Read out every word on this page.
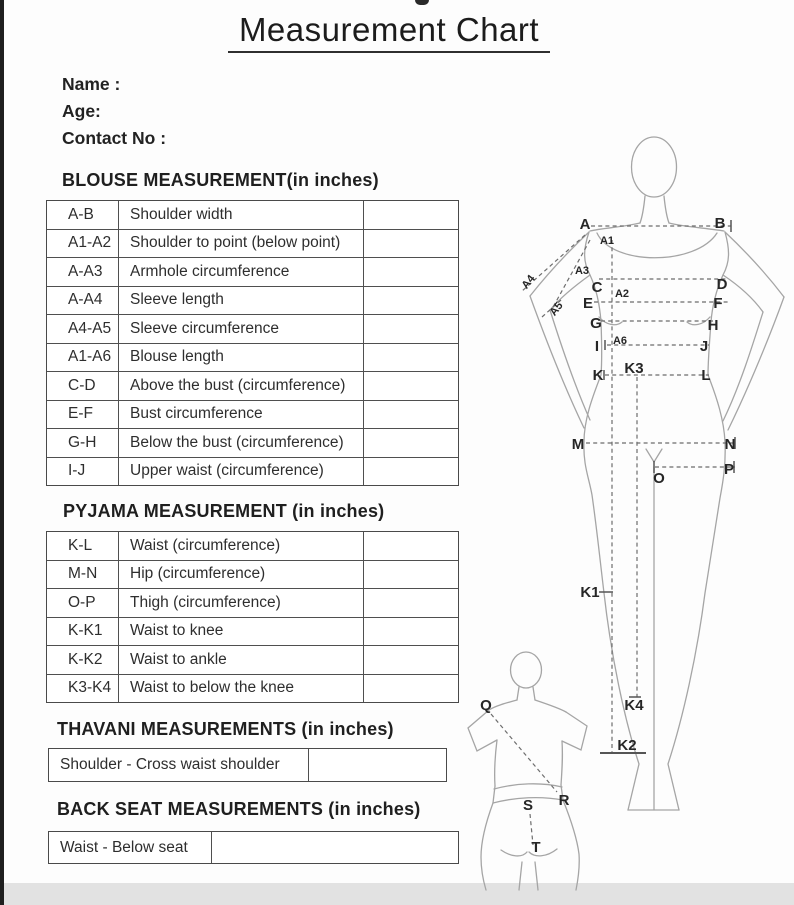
Measurement Chart
Name :
Age:
Contact No :
BLOUSE MEASUREMENT(in inches)
A-B	Shoulder width
A1-A2	Shoulder to point (below point)
A-A3	Armhole circumference
A-A4	Sleeve length
A4-A5	Sleeve circumference
A1-A6	Blouse length
C-D	Above the bust (circumference)
E-F	Bust circumference
G-H	Below the bust (circumference)
I-J	Upper waist (circumference)
PYJAMA MEASUREMENT (in inches)
K-L	Waist (circumference)
M-N	Hip (circumference)
O-P	Thigh (circumference)
K-K1	Waist to knee
K-K2	Waist to ankle
K3-K4	Waist to below the knee
THAVANI MEASUREMENTS (in inches)
Shoulder - Cross waist shoulder
BACK SEAT MEASUREMENTS (in inches)
Waist - Below seat
A	B
A1
A3
A4
A5
C A2
D
E	F
G	H
I A6	J
K K3	L
M	N
O
P
K1
K4
K2
Q
R
S
T
